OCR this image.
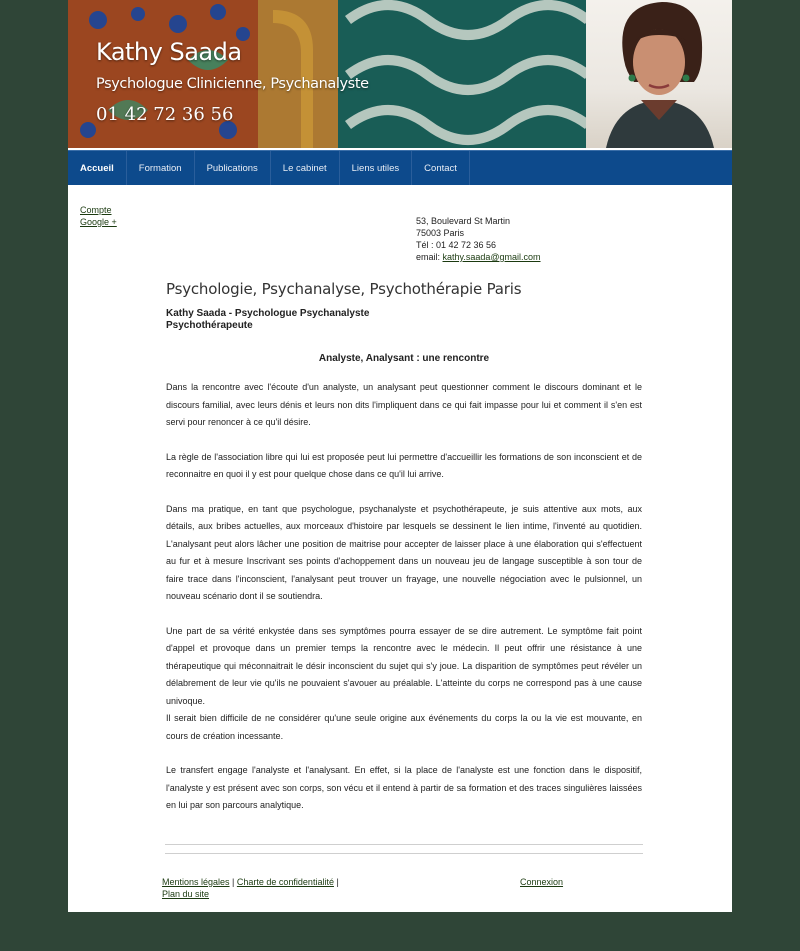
Kathy Saada
Psychologue Clinicienne, Psychanalyste
01 42 72 36 56
Accueil	Formation	Publications	Le cabinet	Liens utiles	Contact
Compte
Google +	53, Boulevard St Martin
75003 Paris
Tél : 01 42 72 36 56
email: kathy.saada@gmail.com
Psychologie, Psychanalyse, Psychothérapie Paris
Kathy Saada - Psychologue Psychanalyste
Psychothérapeute
Analyste, Analysant : une rencontre

Dans la rencontre avec l'écoute d'un analyste, un analysant peut questionner comment le discours dominant et le discours familial, avec leurs dénis et leurs non dits l'impliquent dans ce qui fait impasse pour lui et comment il s'en est servi pour renoncer à ce qu'il désire.

La règle de l'association libre qui lui est proposée peut lui permettre d'accueillir les formations de son inconscient et de reconnaitre en quoi il y est pour quelque chose dans ce qu'il lui arrive.

Dans ma pratique, en tant que psychologue, psychanalyste et psychothérapeute, je suis attentive aux mots, aux détails, aux bribes actuelles, aux morceaux d'histoire par lesquels se dessinent le lien intime, l'inventé au quotidien. L'analysant peut alors lâcher une position de maitrise pour accepter de laisser place à une élaboration qui s'effectuent au fur et à mesure Inscrivant ses points d'achoppement dans un nouveau jeu de langage susceptible à son tour de faire trace dans l'inconscient, l'analysant peut trouver un frayage, une nouvelle négociation avec le pulsionnel, un nouveau scénario dont il se soutiendra.

Une part de sa vérité enkystée dans ses symptômes pourra essayer de se dire autrement. Le symptôme fait point d'appel et provoque dans un premier temps la rencontre avec le médecin. Il peut offrir une résistance à une thérapeutique qui méconnaitrait le désir inconscient du sujet qui s'y joue. La disparition de symptômes peut révéler un délabrement de leur vie qu'ils ne pouvaient s'avouer au préalable. L'atteinte du corps ne correspond pas à une cause univoque.

Il serait bien difficile de ne considérer qu'une seule origine aux événements du corps la ou la vie est mouvante, en cours de création incessante.

Le transfert engage l'analyste et l'analysant. En effet, si la place de l'analyste est une fonction dans le dispositif, l'analyste y est présent avec son corps, son vécu et il entend à partir de sa formation et des traces singulières laissées en lui par son parcours analytique.

Mentions légales | Charte de confidentialité |
Plan du site
Connexion
